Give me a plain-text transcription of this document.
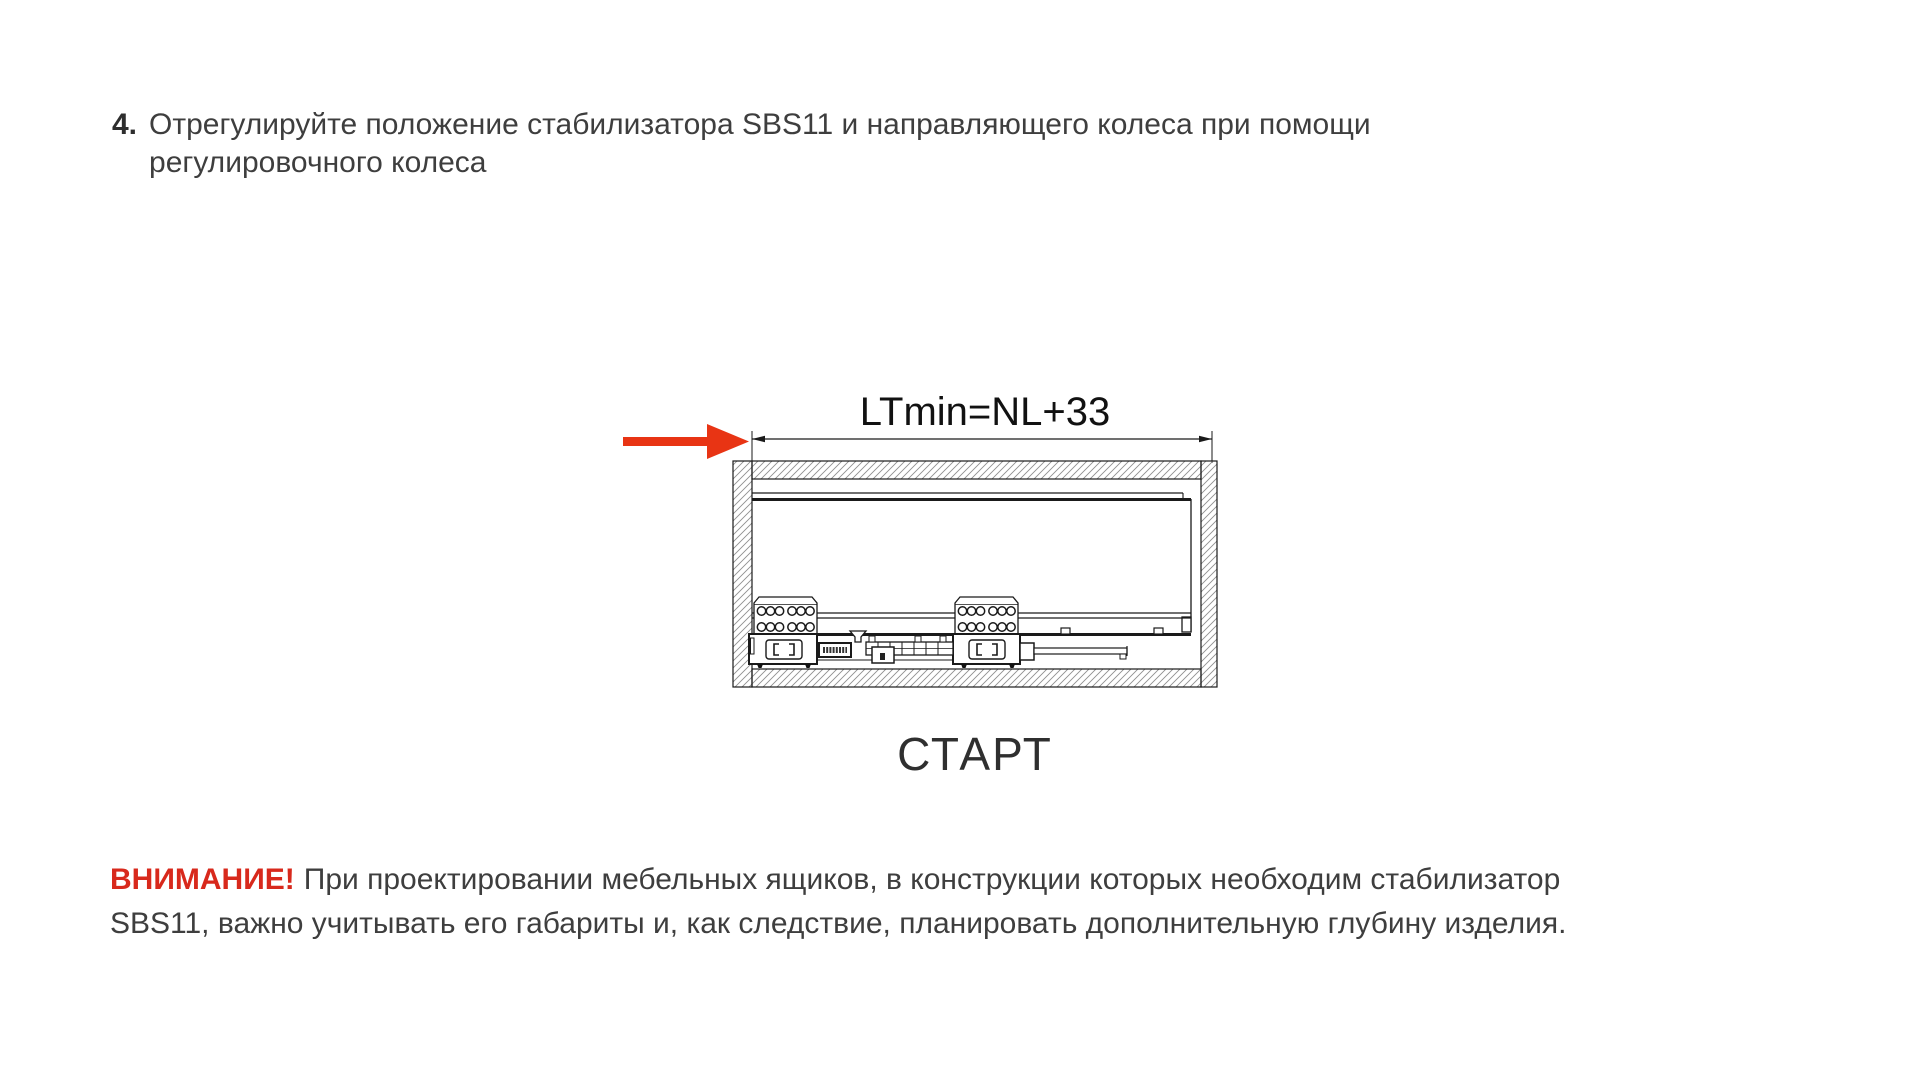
4. Отрегулируйте положение стабилизатора SBS11 и направляющего колеса при помощи
регулировочного колеса
LTmin=NL+33
СТАРТ
ВНИМАНИЕ! При проектировании мебельных ящиков, в конструкции которых необходим стабилизатор
SBS11, важно учитывать его габариты и, как следствие, планировать дополнительную глубину изделия.
